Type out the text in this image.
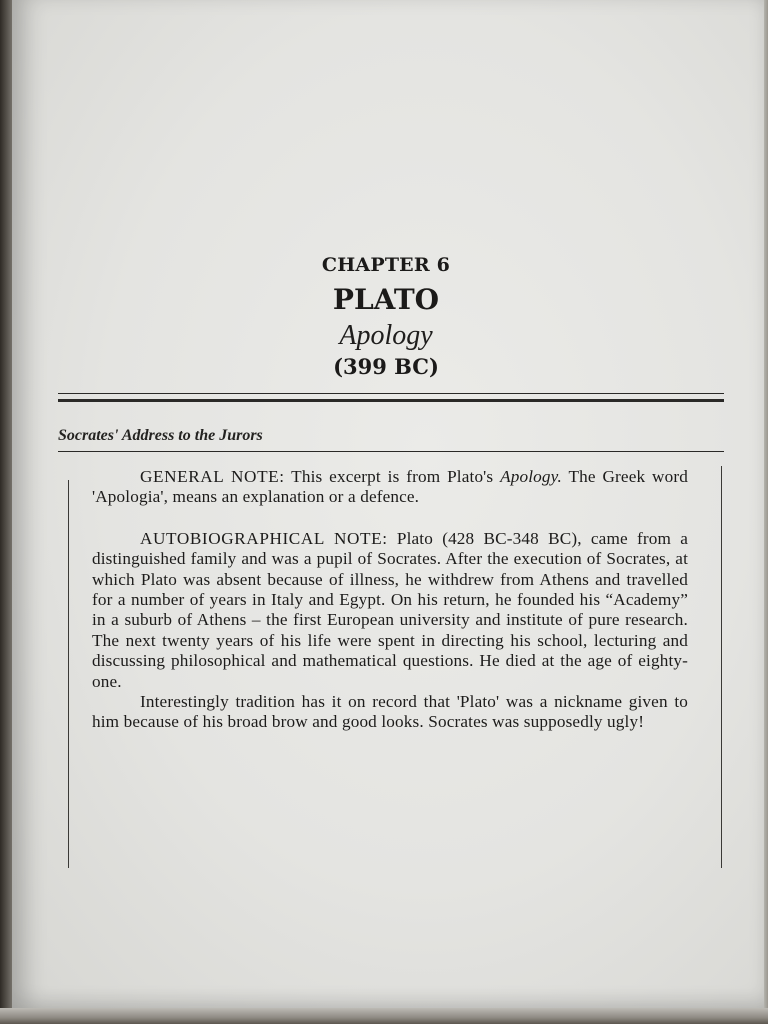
CHAPTER 6
PLATO
Apology
(399 BC)
Socrates' Address to the Jurors

GENERAL NOTE: This excerpt is from Plato's Apology. The Greek word 'Apologia', means an explanation or a defence.

AUTOBIOGRAPHICAL NOTE: Plato (428 BC-348 BC), came from a distinguished family and was a pupil of Socrates. After the execution of Socrates, at which Plato was absent because of illness, he withdrew from Athens and travelled for a number of years in Italy and Egypt. On his return, he founded his “Academy” in a suburb of Athens – the first European university and institute of pure research. The next twenty years of his life were spent in directing his school, lecturing and discussing philosophical and mathematical questions. He died at the age of eighty-one.

Interestingly tradition has it on record that 'Plato' was a nickname given to him because of his broad brow and good looks. Socrates was supposedly ugly!
